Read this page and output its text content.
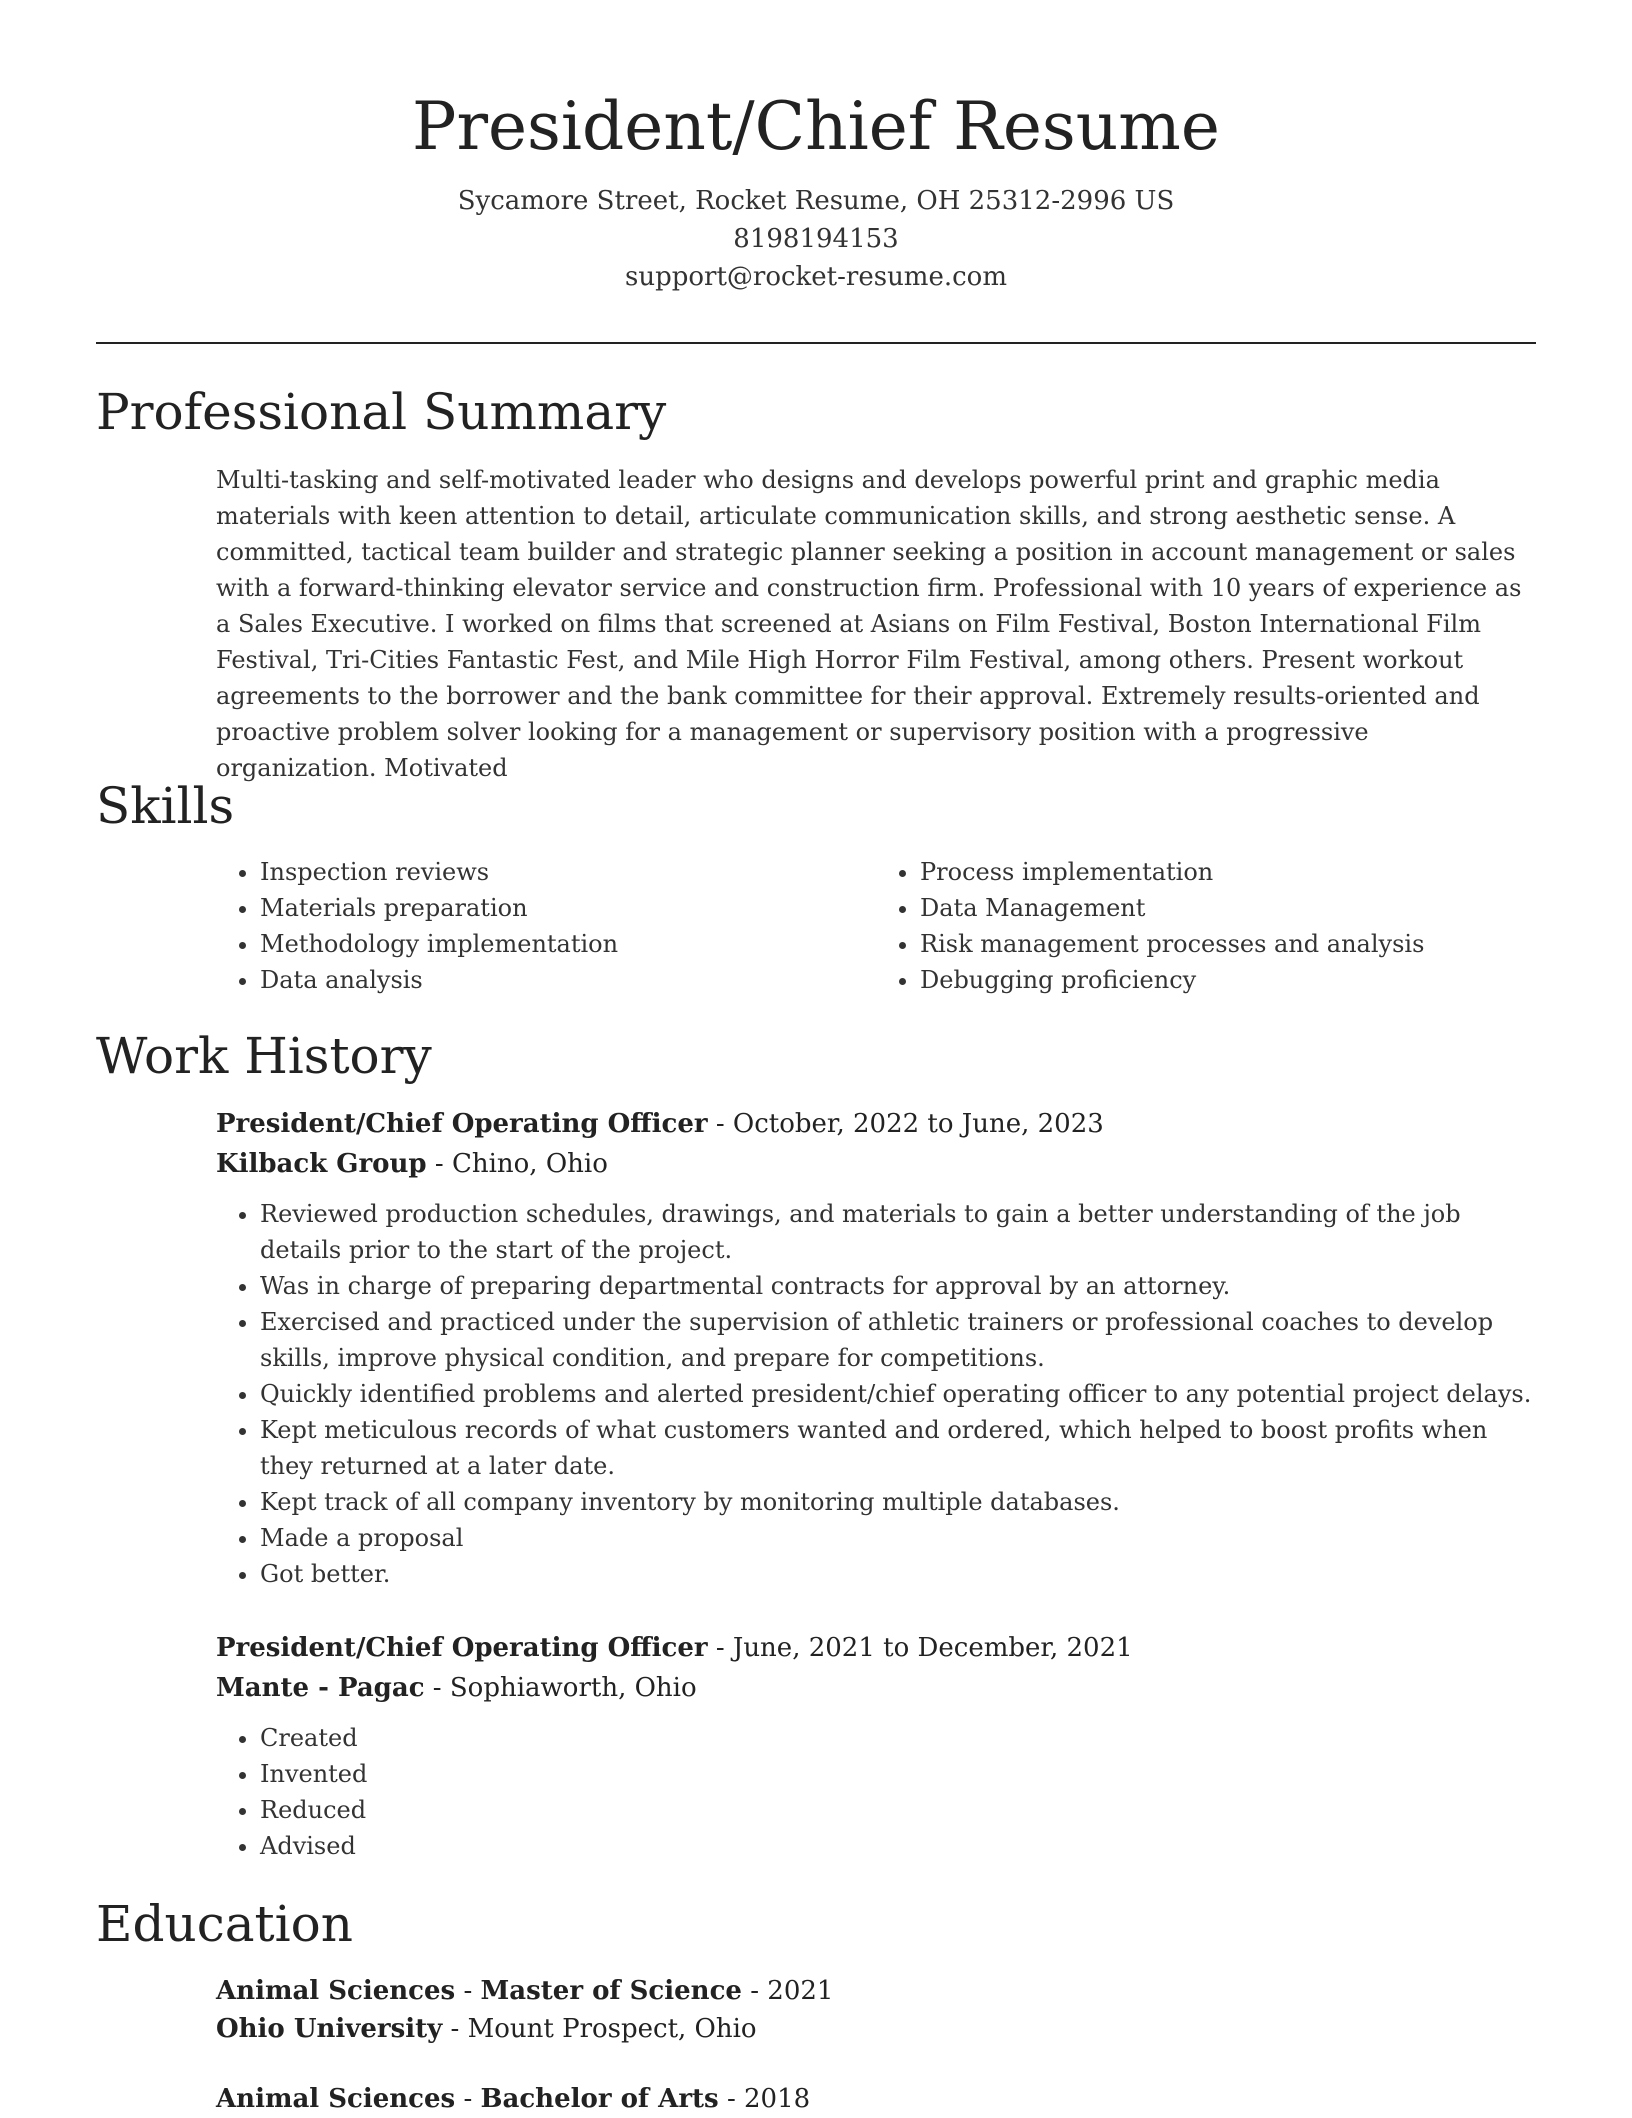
President/Chief Resume
Sycamore Street, Rocket Resume, OH 25312-2996 US
8198194153
support@rocket-resume.com
Professional Summary

Multi-tasking and self-motivated leader who designs and develops powerful print and graphic media materials with keen attention to detail, articulate communication skills, and strong aesthetic sense. A committed, tactical team builder and strategic planner seeking a position in account management or sales with a forward-thinking elevator service and construction firm. Professional with 10 years of experience as a Sales Executive. I worked on films that screened at Asians on Film Festival, Boston International Film Festival, Tri-Cities Fantastic Fest, and Mile High Horror Film Festival, among others. Present workout agreements to the borrower and the bank committee for their approval. Extremely results-oriented and proactive problem solver looking for a management or supervisory position with a progressive organization. Motivated

Skills
• Inspection reviews
• Materials preparation
• Methodology implementation
• Data analysis
• Process implementation
• Data Management
• Risk management processes and analysis
• Debugging proficiency
Work History
President/Chief Operating Officer - October, 2022 to June, 2023
Kilback Group - Chino, Ohio
• Reviewed production schedules, drawings, and materials to gain a better understanding of the job details prior to the start of the project.
• Was in charge of preparing departmental contracts for approval by an attorney.
• Exercised and practiced under the supervision of athletic trainers or professional coaches to develop skills, improve physical condition, and prepare for competitions.
• Quickly identified problems and alerted president/chief operating officer to any potential project delays.
• Kept meticulous records of what customers wanted and ordered, which helped to boost profits when they returned at a later date.
• Kept track of all company inventory by monitoring multiple databases.
• Made a proposal
• Got better.
President/Chief Operating Officer - June, 2021 to December, 2021
Mante - Pagac - Sophiaworth, Ohio
• Created
• Invented
• Reduced
• Advised
Education
Animal Sciences - Master of Science - 2021
Ohio University - Mount Prospect, Ohio
Animal Sciences - Bachelor of Arts - 2018
